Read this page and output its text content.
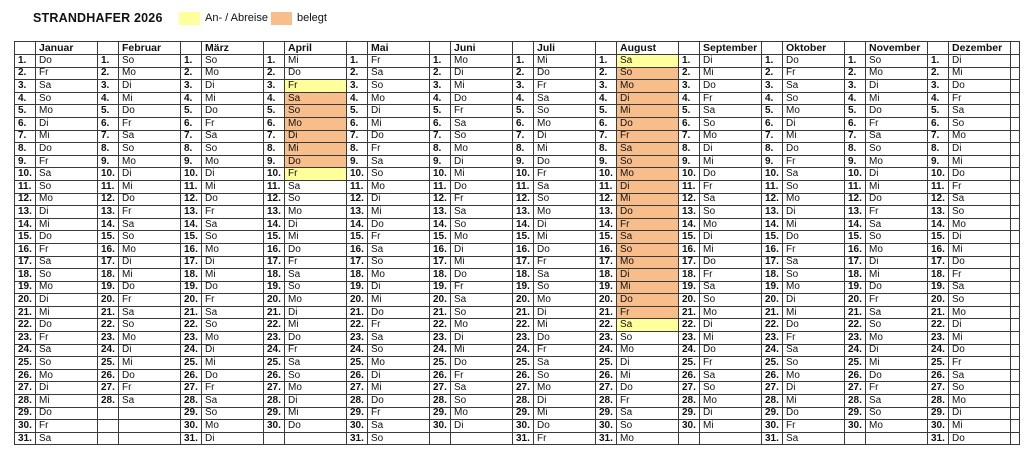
STRANDHAFER 2026	An- / Abreise	belegt
	Januar		Februar		März		April		Mai		Juni		Juli		August		September		Oktober		November		Dezember	
1.	Do	1.	So	1.	So	1.	Mi	1.	Fr	1.	Mo	1.	Mi	1.	Sa	1.	Di	1.	Do	1.	So	1.	Di	
2.	Fr	2.	Mo	2.	Mo	2.	Do	2.	Sa	2.	Di	2.	Do	2.	So	2.	Mi	2.	Fr	2.	Mo	2.	Mi	
3.	Sa	3.	Di	3.	Di	3.	Fr	3.	So	3.	Mi	3.	Fr	3.	Mo	3.	Do	3.	Sa	3.	Di	3.	Do	
4.	So	4.	Mi	4.	Mi	4.	Sa	4.	Mo	4.	Do	4.	Sa	4.	Di	4.	Fr	4.	So	4.	Mi	4.	Fr	
5.	Mo	5.	Do	5.	Do	5.	So	5.	Di	5.	Fr	5.	So	5.	Mi	5.	Sa	5.	Mo	5.	Do	5.	Sa	
6.	Di	6.	Fr	6.	Fr	6.	Mo	6.	Mi	6.	Sa	6.	Mo	6.	Do	6.	So	6.	Di	6.	Fr	6.	So	
7.	Mi	7.	Sa	7.	Sa	7.	Di	7.	Do	7.	So	7.	Di	7.	Fr	7.	Mo	7.	Mi	7.	Sa	7.	Mo	
8.	Do	8.	So	8.	So	8.	Mi	8.	Fr	8.	Mo	8.	Mi	8.	Sa	8.	Di	8.	Do	8.	So	8.	Di	
9.	Fr	9.	Mo	9.	Mo	9.	Do	9.	Sa	9.	Di	9.	Do	9.	So	9.	Mi	9.	Fr	9.	Mo	9.	Mi	
10.	Sa	10.	Di	10.	Di	10.	Fr	10.	So	10.	Mi	10.	Fr	10.	Mo	10.	Do	10.	Sa	10.	Di	10.	Do	
11.	So	11.	Mi	11.	Mi	11.	Sa	11.	Mo	11.	Do	11.	Sa	11.	Di	11.	Fr	11.	So	11.	Mi	11.	Fr	
12.	Mo	12.	Do	12.	Do	12.	So	12.	Di	12.	Fr	12.	So	12.	Mi	12.	Sa	12.	Mo	12.	Do	12.	Sa	
13.	Di	13.	Fr	13.	Fr	13.	Mo	13.	Mi	13.	Sa	13.	Mo	13.	Do	13.	So	13.	Di	13.	Fr	13.	So	
14.	Mi	14.	Sa	14.	Sa	14.	Di	14.	Do	14.	So	14.	Di	14.	Fr	14.	Mo	14.	Mi	14.	Sa	14.	Mo	
15.	Do	15.	So	15.	So	15.	Mi	15.	Fr	15.	Mo	15.	Mi	15.	Sa	15.	Di	15.	Do	15.	So	15.	Di	
16.	Fr	16.	Mo	16.	Mo	16.	Do	16.	Sa	16.	Di	16.	Do	16.	So	16.	Mi	16.	Fr	16.	Mo	16.	Mi	
17.	Sa	17.	Di	17.	Di	17.	Fr	17.	So	17.	Mi	17.	Fr	17.	Mo	17.	Do	17.	Sa	17.	Di	17.	Do	
18.	So	18.	Mi	18.	Mi	18.	Sa	18.	Mo	18.	Do	18.	Sa	18.	Di	18.	Fr	18.	So	18.	Mi	18.	Fr	
19.	Mo	19.	Do	19.	Do	19.	So	19.	Di	19.	Fr	19.	So	19.	Mi	19.	Sa	19.	Mo	19.	Do	19.	Sa	
20.	Di	20.	Fr	20.	Fr	20.	Mo	20.	Mi	20.	Sa	20.	Mo	20.	Do	20.	So	20.	Di	20.	Fr	20.	So	
21.	Mi	21.	Sa	21.	Sa	21.	Di	21.	Do	21.	So	21.	Di	21.	Fr	21.	Mo	21.	Mi	21.	Sa	21.	Mo	
22.	Do	22.	So	22.	So	22.	Mi	22.	Fr	22.	Mo	22.	Mi	22.	Sa	22.	Di	22.	Do	22.	So	22.	Di	
23.	Fr	23.	Mo	23.	Mo	23.	Do	23.	Sa	23.	Di	23.	Do	23.	So	23.	Mi	23.	Fr	23.	Mo	23.	Mi	
24.	Sa	24.	Di	24.	Di	24.	Fr	24.	So	24.	Mi	24.	Fr	24.	Mo	24.	Do	24.	Sa	24.	Di	24.	Do	
25.	So	25.	Mi	25.	Mi	25.	Sa	25.	Mo	25.	Do	25.	Sa	25.	Di	25.	Fr	25.	So	25.	Mi	25.	Fr	
26.	Mo	26.	Do	26.	Do	26.	So	26.	Di	26.	Fr	26.	So	26.	Mi	26.	Sa	26.	Mo	26.	Do	26.	Sa	
27.	Di	27.	Fr	27.	Fr	27.	Mo	27.	Mi	27.	Sa	27.	Mo	27.	Do	27.	So	27.	Di	27.	Fr	27.	So	
28.	Mi	28.	Sa	28.	Sa	28.	Di	28.	Do	28.	So	28.	Di	28.	Fr	28.	Mo	28.	Mi	28.	Sa	28.	Mo	
29.	Do			29.	So	29.	Mi	29.	Fr	29.	Mo	29.	Mi	29.	Sa	29.	Di	29.	Do	29.	So	29.	Di	
30.	Fr			30.	Mo	30.	Do	30.	Sa	30.	Di	30.	Do	30.	So	30.	Mi	30.	Fr	30.	Mo	30.	Mi	
31.	Sa			31.	Di			31.	So			31.	Fr	31.	Mo			31.	Sa			31.	Do	
